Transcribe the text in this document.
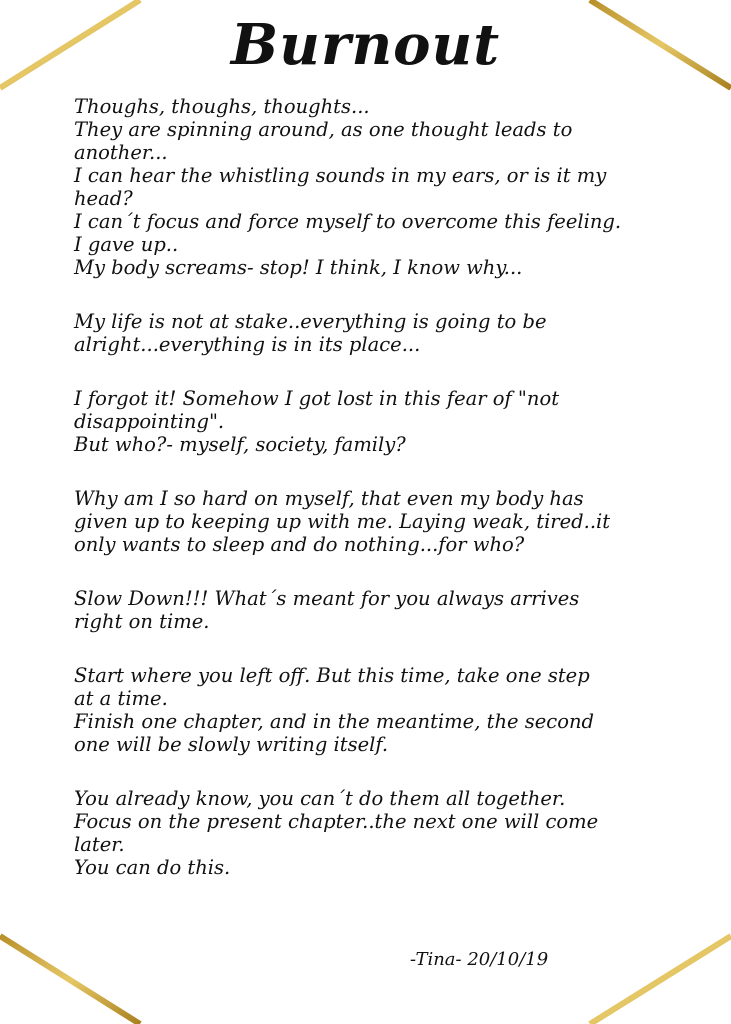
Burnout
Thoughs, thoughs, thoughts...
They are spinning around, as one thought leads to
another...
I can hear the whistling sounds in my ears, or is it my
head?
I can´t focus and force myself to overcome this feeling.
I gave up..
My body screams- stop! I think, I know why...
My life is not at stake..everything is going to be
alright...everything is in its place...
I forgot it! Somehow I got lost in this fear of "not
disappointing".
But who?- myself, society, family?
Why am I so hard on myself, that even my body has
given up to keeping up with me. Laying weak, tired..it
only wants to sleep and do nothing...for who?
Slow Down!!! What´s meant for you always arrives
right on time.
Start where you left off. But this time, take one step
at a time.
Finish one chapter, and in the meantime, the second
one will be slowly writing itself.
You already know, you can´t do them all together.
Focus on the present chapter..the next one will come
later.
You can do this.
-Tina- 20/10/19
